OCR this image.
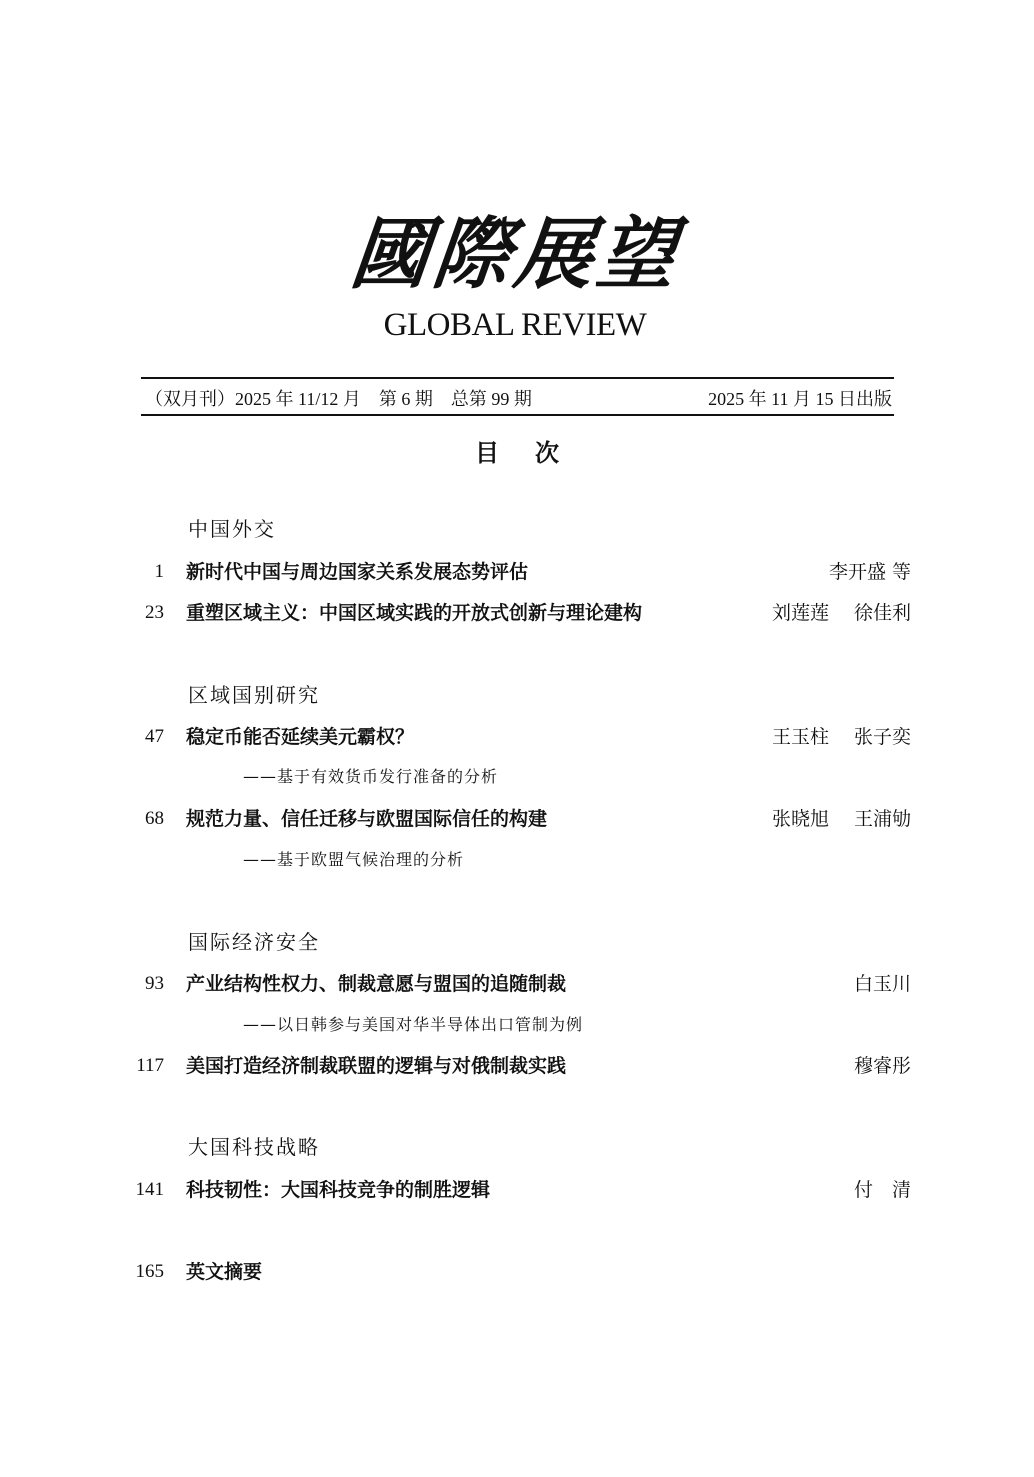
國際展望
GLOBAL REVIEW
（双月刊）2025 年 11/12 月　第 6 期　总第 99 期	2025 年 11 月 15 日出版
目次
中国外交
1 新时代中国与周边国家关系发展态势评估	李开盛 等
23 重塑区域主义：中国区域实践的开放式创新与理论建构	刘莲莲　 徐佳利
区域国别研究
47 稳定币能否延续美元霸权？	王玉柱　 张子奕
——基于有效货币发行准备的分析
68 规范力量、信任迁移与欧盟国际信任的构建	张晓旭　 王浦劬
——基于欧盟气候治理的分析
国际经济安全
93 产业结构性权力、制裁意愿与盟国的追随制裁	白玉川
——以日韩参与美国对华半导体出口管制为例
117 美国打造经济制裁联盟的逻辑与对俄制裁实践	穆睿彤
大国科技战略
141 科技韧性：大国科技竞争的制胜逻辑	付　清
165 英文摘要
